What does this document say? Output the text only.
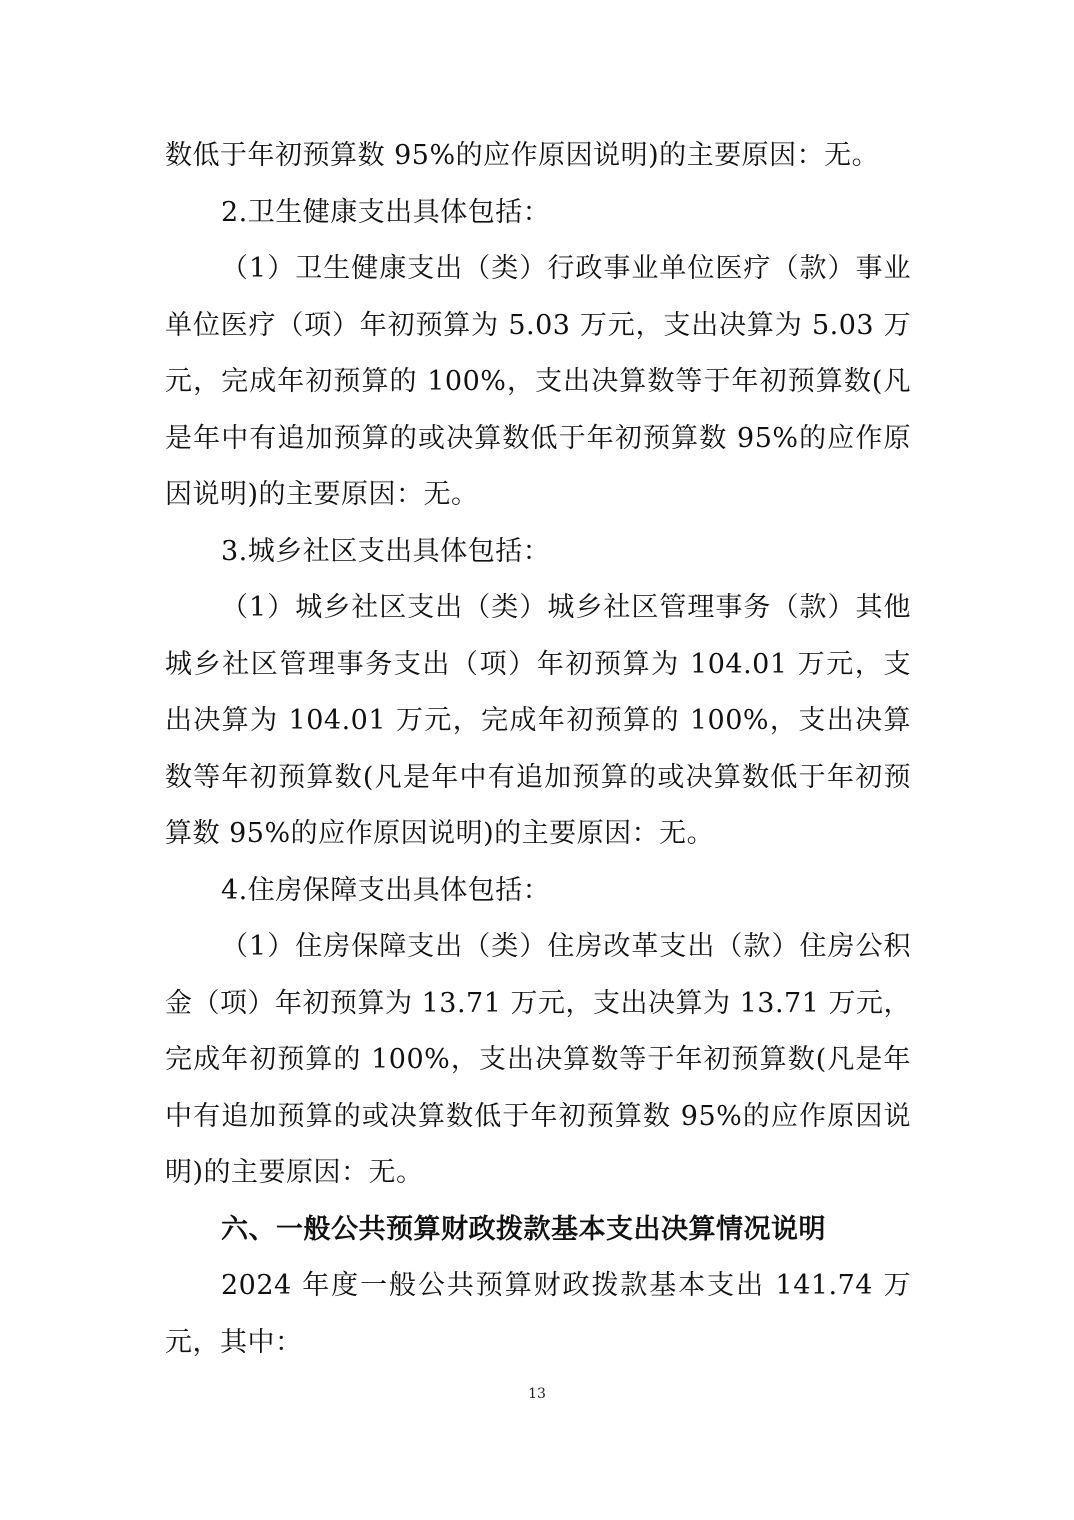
数低于年初预算数 95%的应作原因说明)的主要原因：无。

2.卫生健康支出具体包括：

（1）卫生健康支出（类）行政事业单位医疗（款）事业单位医疗（项）年初预算为 5.03 万元，支出决算为 5.03 万元，完成年初预算的 100%，支出决算数等于年初预算数(凡是年中有追加预算的或决算数低于年初预算数 95%的应作原因说明)的主要原因：无。

3.城乡社区支出具体包括：

（1）城乡社区支出（类）城乡社区管理事务（款）其他城乡社区管理事务支出（项）年初预算为 104.01 万元，支出决算为 104.01 万元，完成年初预算的 100%，支出决算数等年初预算数(凡是年中有追加预算的或决算数低于年初预算数 95%的应作原因说明)的主要原因：无。

4.住房保障支出具体包括：

（1）住房保障支出（类）住房改革支出（款）住房公积金（项）年初预算为 13.71 万元，支出决算为 13.71 万元，完成年初预算的 100%，支出决算数等于年初预算数(凡是年中有追加预算的或决算数低于年初预算数 95%的应作原因说明)的主要原因：无。

六、一般公共预算财政拨款基本支出决算情况说明

2024 年度一般公共预算财政拨款基本支出 141.74 万元，其中：

13
